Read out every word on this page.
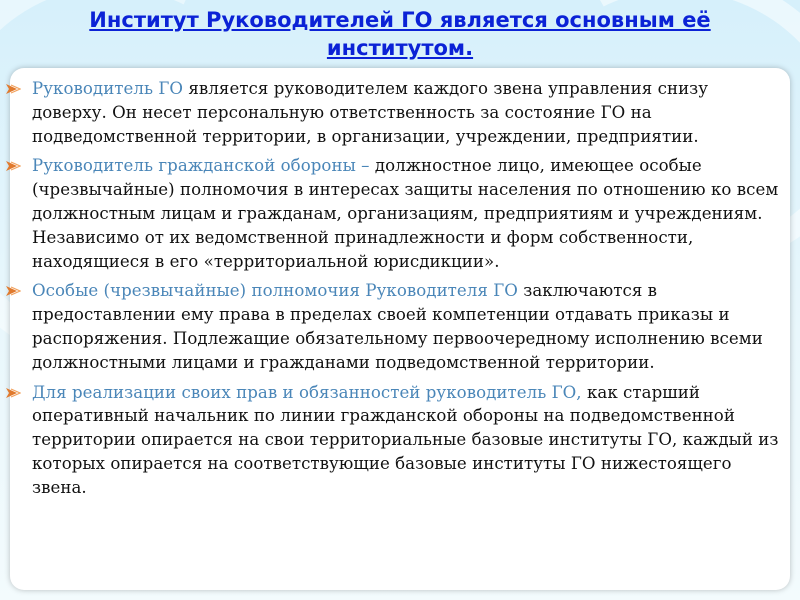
Институт Руководителей ГО является основным её
институтом.

Руководитель ГО является руководителем каждого звена управления снизу доверху. Он несет персональную ответственность за состояние ГО на подведомственной территории, в организации, учреждении, предприятии.

Руководитель гражданской обороны – должностное лицо, имеющее особые (чрезвычайные) полномочия в интересах защиты населения по отношению ко всем должностным лицам и гражданам, организациям, предприятиям и учреждениям. Независимо от их ведомственной принадлежности и форм собственности, находящиеся в его «территориальной юрисдикции».

Особые (чрезвычайные) полномочия Руководителя ГО заключаются в предоставлении ему права в пределах своей компетенции отдавать приказы и распоряжения. Подлежащие обязательному первоочередному исполнению всеми должностными лицами и гражданами подведомственной территории.

Для реализации своих прав и обязанностей руководитель ГО, как старший оперативный начальник по линии гражданской обороны на подведомственной территории опирается на свои территориальные базовые институты ГО, каждый из которых опирается на соответствующие базовые институты ГО нижестоящего звена.
